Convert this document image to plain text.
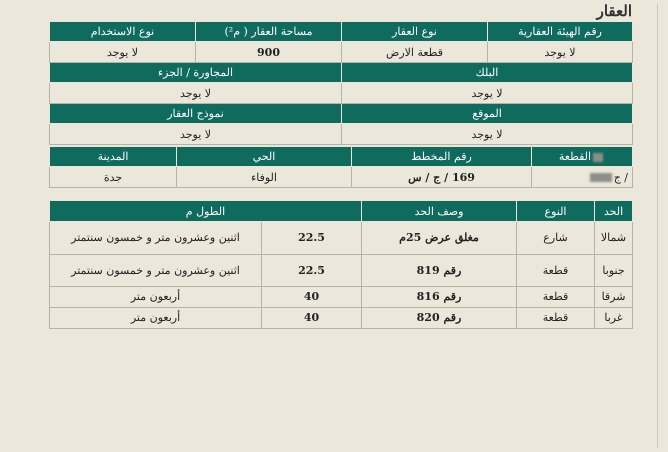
العقار
رقم الهيئة العقارية	نوع العقار	مساحة العقار ( م²)	نوع الاستخدام
لا يوجد	قطعة الارض	900	لا يوجد
البلك		المجاورة / الجزء	
لا يوجد		لا يوجد	
الموقع		نموذج العقار	
لا يوجد		لا يوجد	
القطعة	رقم المخطط	الحي	المدينة
/ ج	169 / ج / س	الوفاء	جدة
الحد	النوع	وصف الحد	الطول م	
شمالا	شارع	مغلق عرض 25م	22.5	اثنين وعشرون متر و خمسون سنتمتر
جنوبا	قطعة	رقم 819	22.5	اثنين وعشرون متر و خمسون سنتمتر
شرقا	قطعة	رقم 816	40	أربعون متر
غربا	قطعة	رقم 820	40	أربعون متر
